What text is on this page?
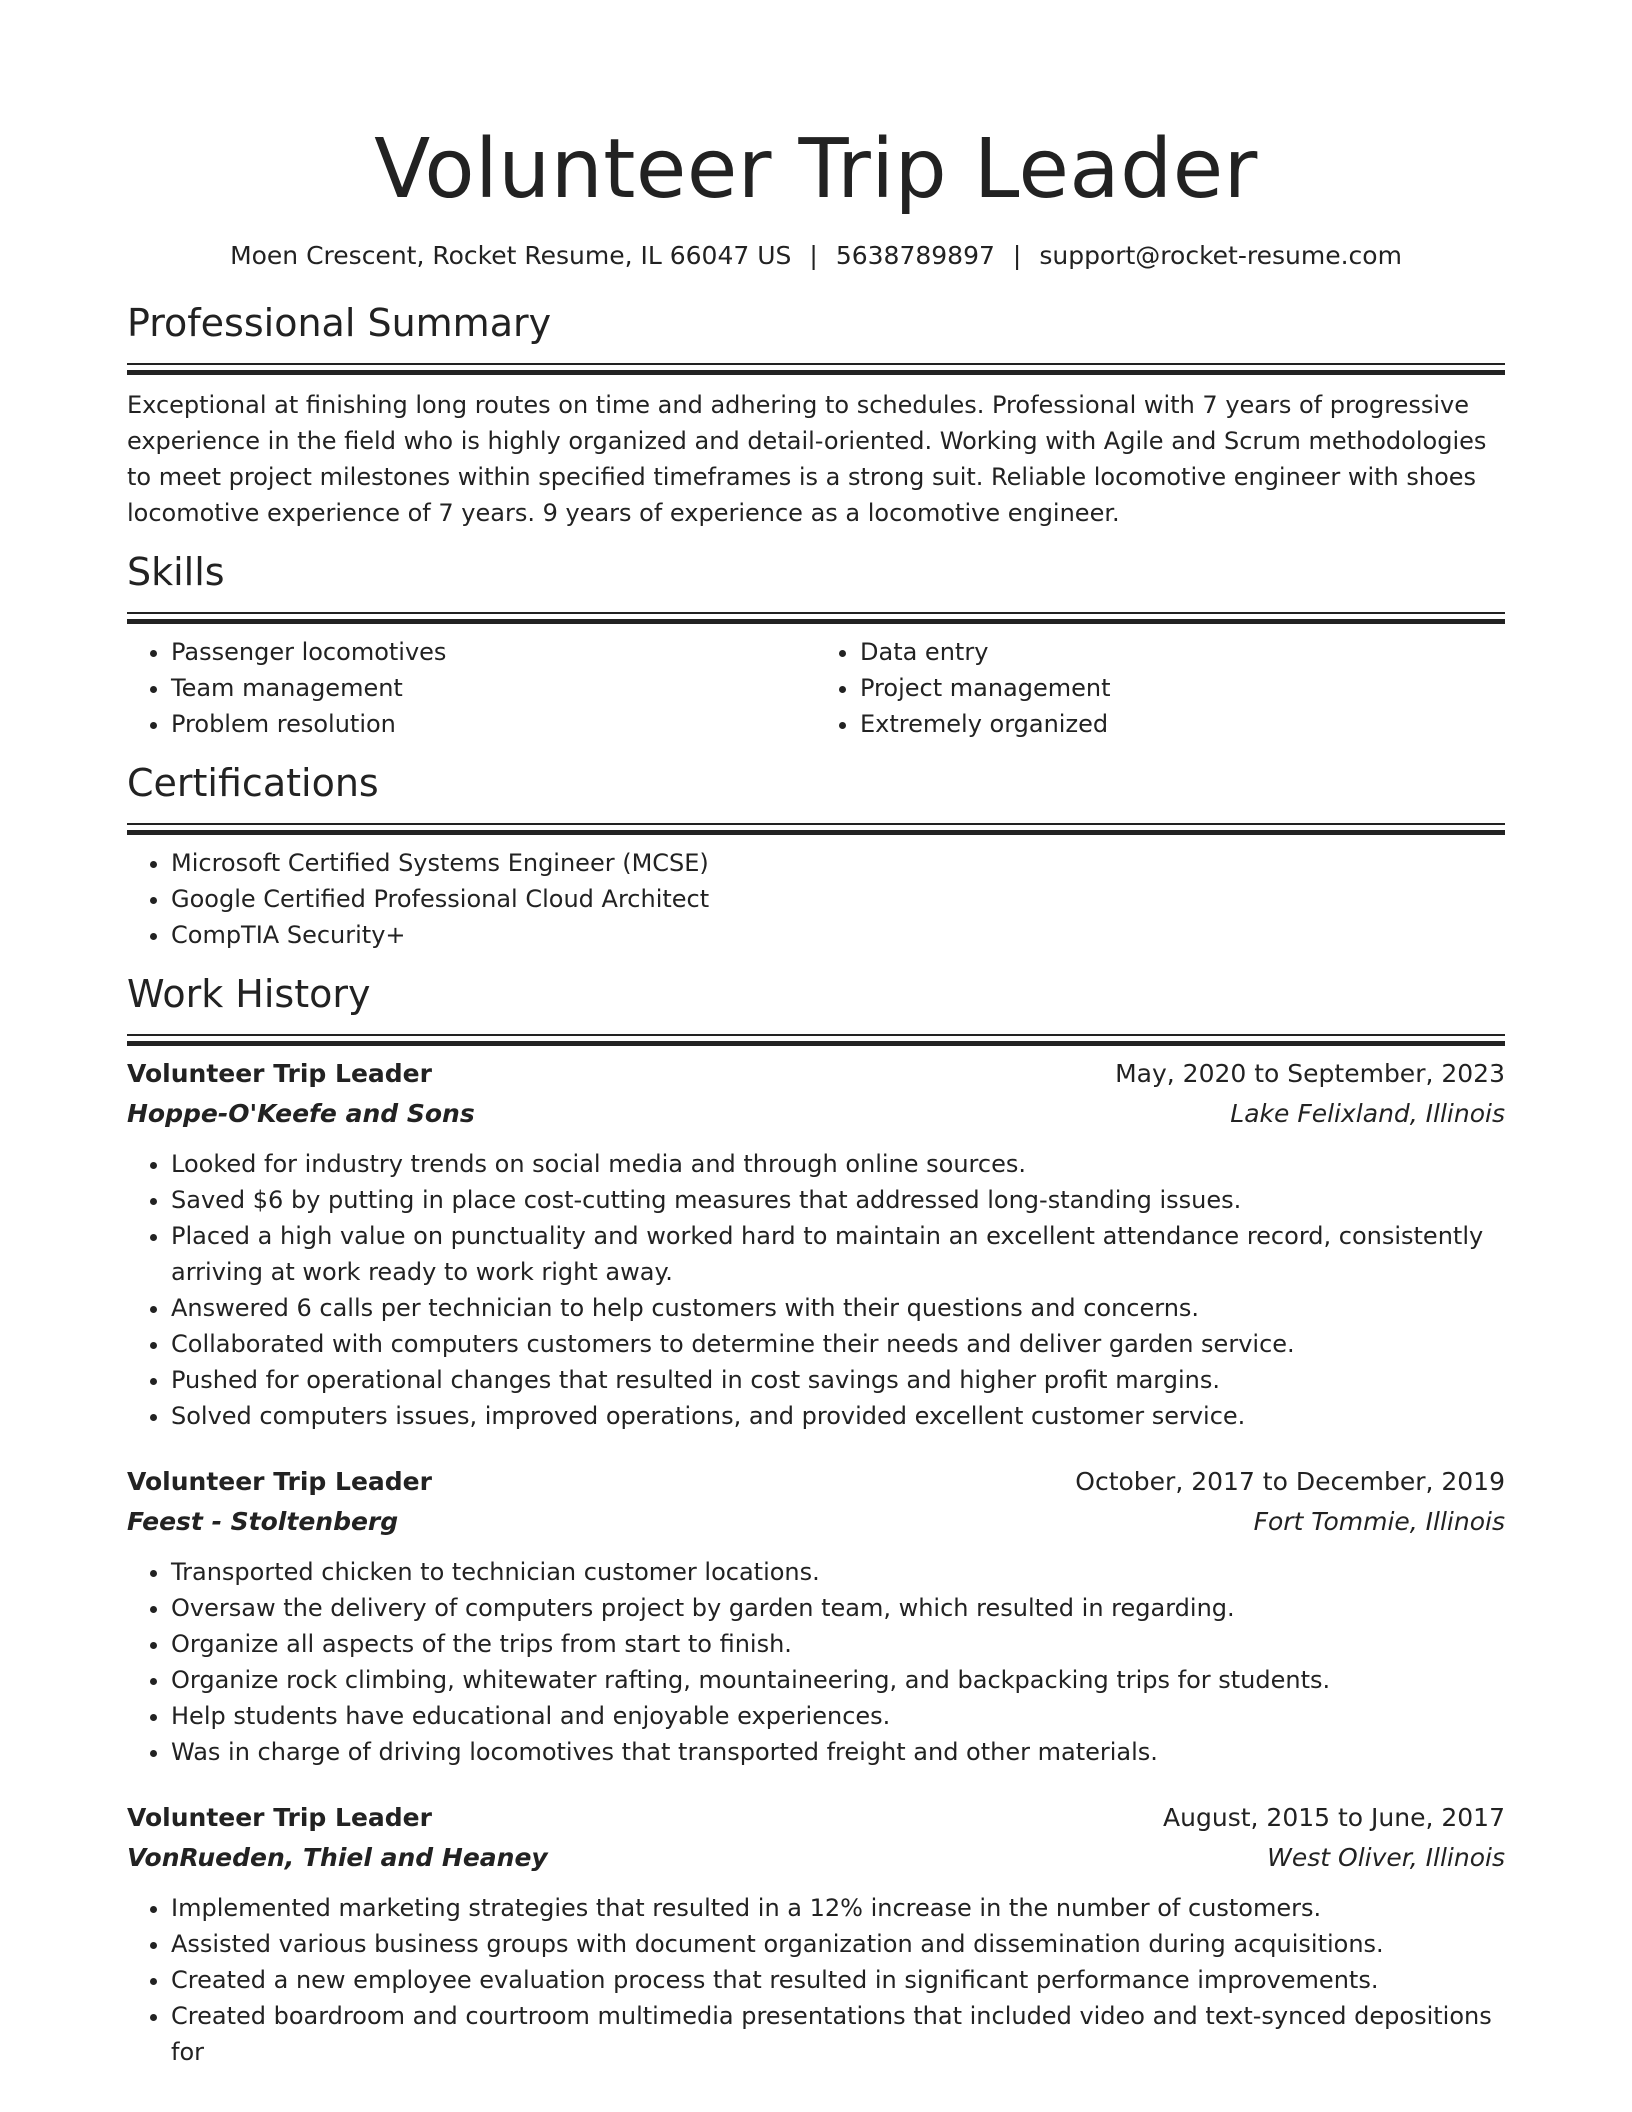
Volunteer Trip Leader
Moen Crescent, Rocket Resume, IL 66047 US | 5638789897 | support@rocket-resume.com
Professional Summary

Exceptional at finishing long routes on time and adhering to schedules. Professional with 7 years of progressive experience in the field who is highly organized and detail-oriented. Working with Agile and Scrum methodologies to meet project milestones within specified timeframes is a strong suit. Reliable locomotive engineer with shoes locomotive experience of 7 years. 9 years of experience as a locomotive engineer.

Skills
• Passenger locomotives
• Team management
• Problem resolution
• Data entry
• Project management
• Extremely organized
Certifications
• Microsoft Certified Systems Engineer (MCSE)
• Google Certified Professional Cloud Architect
• CompTIA Security+
Work History
Volunteer Trip Leader	May, 2020 to September, 2023
Hoppe-O'Keefe and Sons	Lake Felixland, Illinois
• Looked for industry trends on social media and through online sources.
• Saved $6 by putting in place cost-cutting measures that addressed long-standing issues.
• Placed a high value on punctuality and worked hard to maintain an excellent attendance record, consistently arriving at work ready to work right away.
• Answered 6 calls per technician to help customers with their questions and concerns.
• Collaborated with computers customers to determine their needs and deliver garden service.
• Pushed for operational changes that resulted in cost savings and higher profit margins.
• Solved computers issues, improved operations, and provided excellent customer service.
Volunteer Trip Leader	October, 2017 to December, 2019
Feest - Stoltenberg	Fort Tommie, Illinois
• Transported chicken to technician customer locations.
• Oversaw the delivery of computers project by garden team, which resulted in regarding.
• Organize all aspects of the trips from start to finish.
• Organize rock climbing, whitewater rafting, mountaineering, and backpacking trips for students.
• Help students have educational and enjoyable experiences.
• Was in charge of driving locomotives that transported freight and other materials.
Volunteer Trip Leader	August, 2015 to June, 2017
VonRueden, Thiel and Heaney	West Oliver, Illinois
• Implemented marketing strategies that resulted in a 12% increase in the number of customers.
• Assisted various business groups with document organization and dissemination during acquisitions.
• Created a new employee evaluation process that resulted in significant performance improvements.
• Created boardroom and courtroom multimedia presentations that included video and text-synced depositions for
